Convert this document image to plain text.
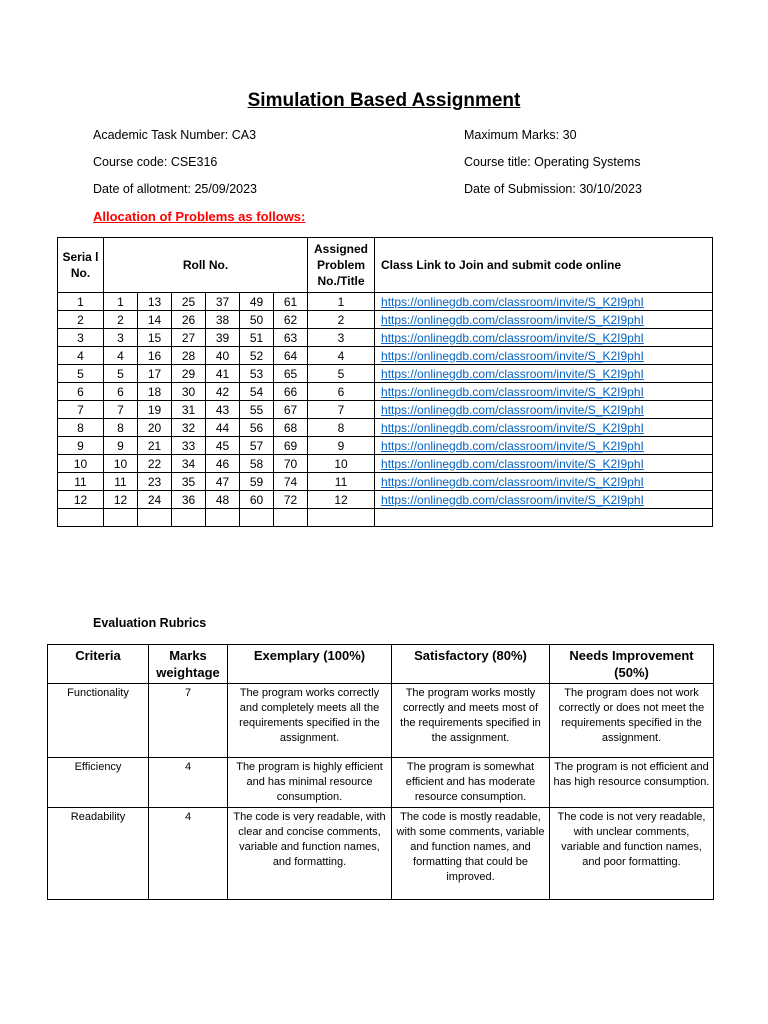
Simulation Based Assignment
Academic Task Number: CA3
Course code: CSE316
Date of allotment: 25/09/2023
Maximum Marks: 30
Course title: Operating Systems
Date of Submission: 30/10/2023
Allocation of Problems as follows:
Seria l No.	Roll No.						Assigned Problem No./Title	Class Link to Join and submit code online
1	1	13	25	37	49	61	1	https://onlinegdb.com/classroom/invite/S_K2I9phI
2	2	14	26	38	50	62	2	https://onlinegdb.com/classroom/invite/S_K2I9phI
3	3	15	27	39	51	63	3	https://onlinegdb.com/classroom/invite/S_K2I9phI
4	4	16	28	40	52	64	4	https://onlinegdb.com/classroom/invite/S_K2I9phI
5	5	17	29	41	53	65	5	https://onlinegdb.com/classroom/invite/S_K2I9phI
6	6	18	30	42	54	66	6	https://onlinegdb.com/classroom/invite/S_K2I9phI
7	7	19	31	43	55	67	7	https://onlinegdb.com/classroom/invite/S_K2I9phI
8	8	20	32	44	56	68	8	https://onlinegdb.com/classroom/invite/S_K2I9phI
9	9	21	33	45	57	69	9	https://onlinegdb.com/classroom/invite/S_K2I9phI
10	10	22	34	46	58	70	10	https://onlinegdb.com/classroom/invite/S_K2I9phI
11	11	23	35	47	59	74	11	https://onlinegdb.com/classroom/invite/S_K2I9phI
12	12	24	36	48	60	72	12	https://onlinegdb.com/classroom/invite/S_K2I9phI

Evaluation Rubrics
Criteria	Marks weightage	Exemplary (100%)	Satisfactory (80%)	Needs Improvement (50%)
Functionality	7	The program works correctly and completely meets all the requirements specified in the assignment.	The program works mostly correctly and meets most of the requirements specified in the assignment.	The program does not work correctly or does not meet the requirements specified in the assignment.
Efficiency	4	The program is highly efficient and has minimal resource consumption.	The program is somewhat efficient and has moderate resource consumption.	The program is not efficient and has high resource consumption.
Readability	4	The code is very readable, with clear and concise comments, variable and function names, and formatting.	The code is mostly readable, with some comments, variable and function names, and formatting that could be improved.	The code is not very readable, with unclear comments, variable and function names, and poor formatting.
